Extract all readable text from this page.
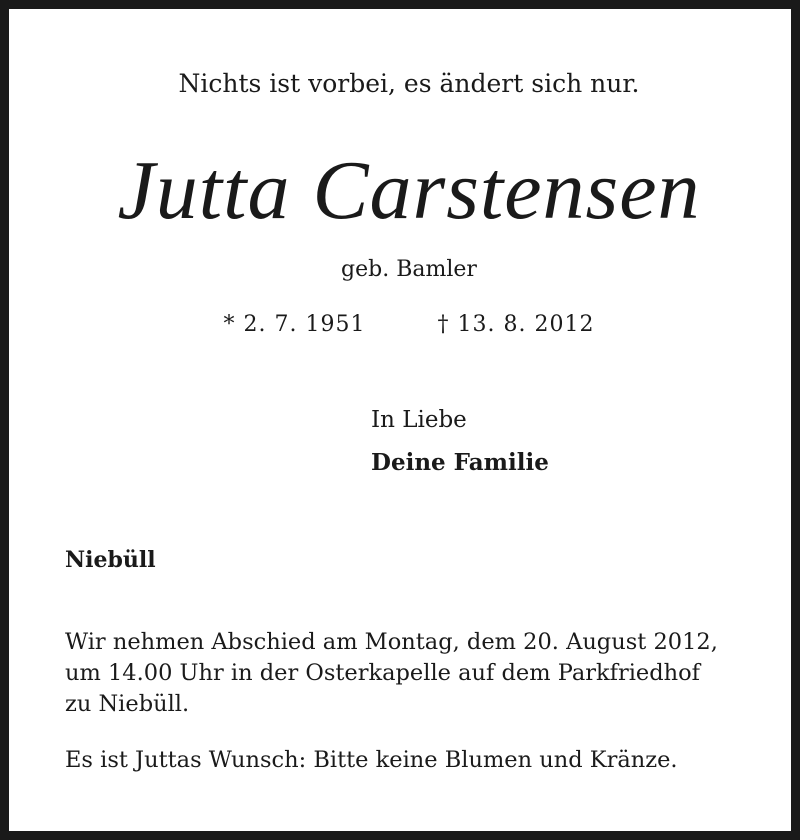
Nichts ist vorbei, es ändert sich nur.
Jutta Carstensen
geb. Bamler
* 2. 7. 1951	† 13. 8. 2012
In Liebe
Deine Familie
Niebüll
Wir nehmen Abschied am Montag, dem 20. August 2012,
um 14.00 Uhr in der Osterkapelle auf dem Parkfriedhof
zu Niebüll.
Es ist Juttas Wunsch: Bitte keine Blumen und Kränze.
